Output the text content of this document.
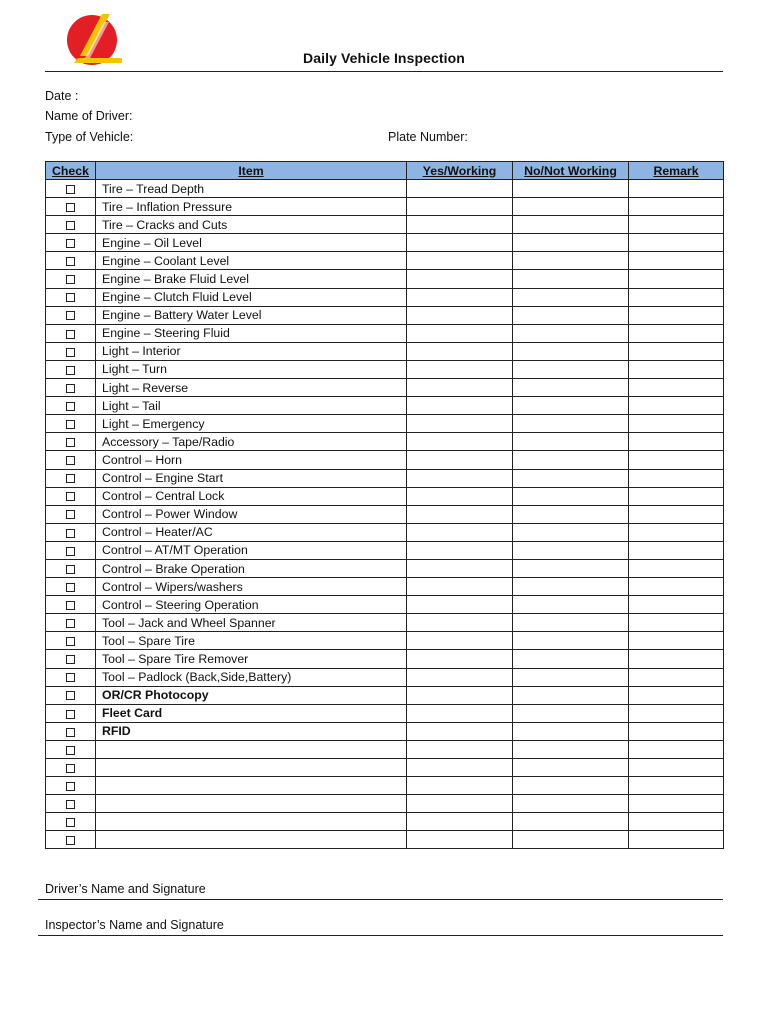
Daily Vehicle Inspection
Date :
Name of Driver:
Type of Vehicle:	Plate Number:
Check	Item	Yes/Working	No/Not Working	Remark
	Tire – Tread Depth			
	Tire – Inflation Pressure			
	Tire – Cracks and Cuts			
	Engine – Oil Level			
	Engine – Coolant Level			
	Engine – Brake Fluid Level			
	Engine – Clutch Fluid Level			
	Engine – Battery Water Level			
	Engine – Steering Fluid			
	Light – Interior			
	Light – Turn			
	Light – Reverse			
	Light – Tail			
	Light – Emergency			
	Accessory – Tape/Radio			
	Control – Horn			
	Control – Engine Start			
	Control – Central Lock			
	Control – Power Window			
	Control – Heater/AC			
	Control – AT/MT Operation			
	Control – Brake Operation			
	Control – Wipers/washers			
	Control – Steering Operation			
	Tool – Jack and Wheel Spanner			
	Tool – Spare Tire			
	Tool – Spare Tire Remover			
	Tool – Padlock (Back,Side,Battery)			
	OR/CR Photocopy			
	Fleet Card			
	RFID			

Driver’s Name and Signature
Inspector’s Name and Signature
